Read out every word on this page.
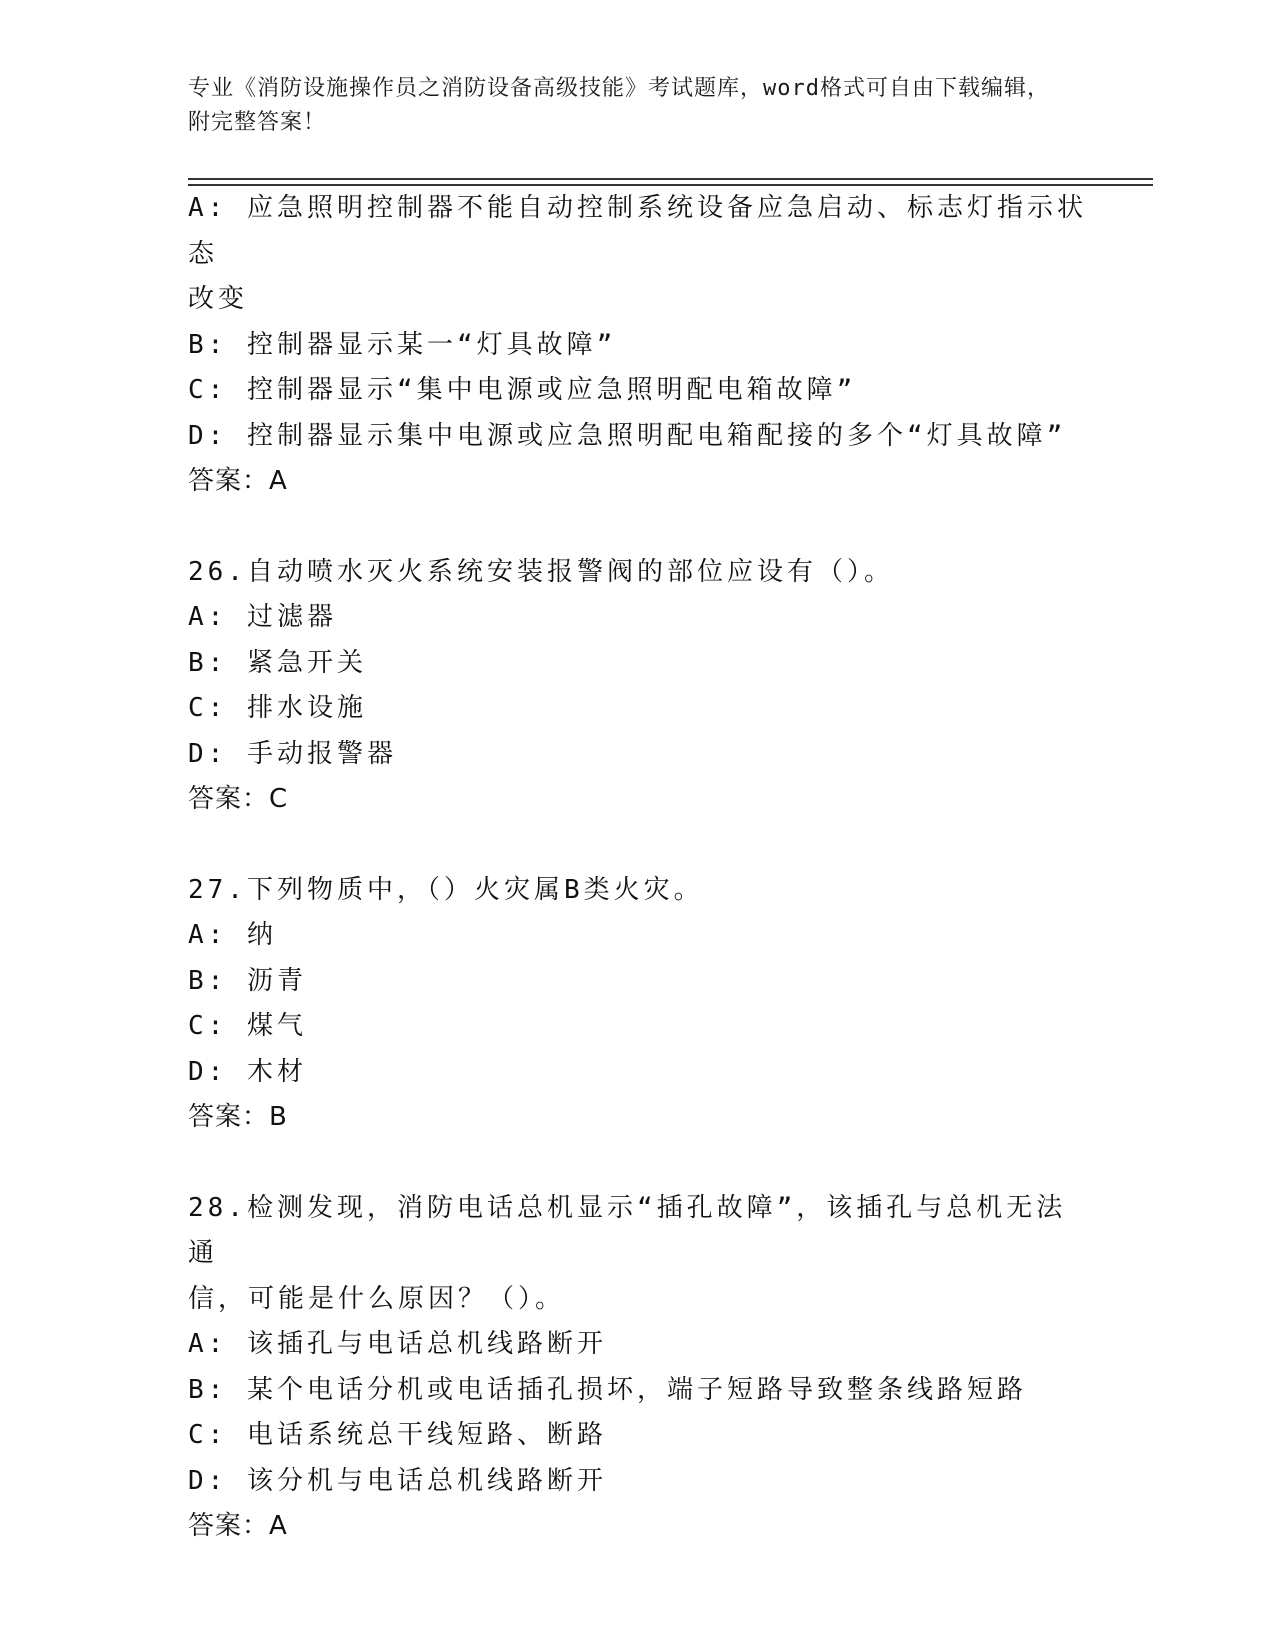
专业《消防设施操作员之消防设备高级技能》考试题库，word格式可自由下载编辑，附完整答案！

A: 应急照明控制器不能自动控制系统设备应急启动、标志灯指示状态
改变

B: 控制器显示某一“灯具故障”

C: 控制器显示“集中电源或应急照明配电箱故障”

D: 控制器显示集中电源或应急照明配电箱配接的多个“灯具故障”

答案：A

26.自动喷水灭火系统安装报警阀的部位应设有（）。

A: 过滤器

B: 紧急开关

C: 排水设施

D: 手动报警器

答案：C

27.下列物质中，（）火灾属B类火灾。

A: 纳

B: 沥青

C: 煤气

D: 木材

答案：B

28.检测发现，消防电话总机显示“插孔故障”，该插孔与总机无法通
信，可能是什么原因？（）。

A: 该插孔与电话总机线路断开

B: 某个电话分机或电话插孔损坏，端子短路导致整条线路短路

C: 电话系统总干线短路、断路

D: 该分机与电话总机线路断开

答案：A
